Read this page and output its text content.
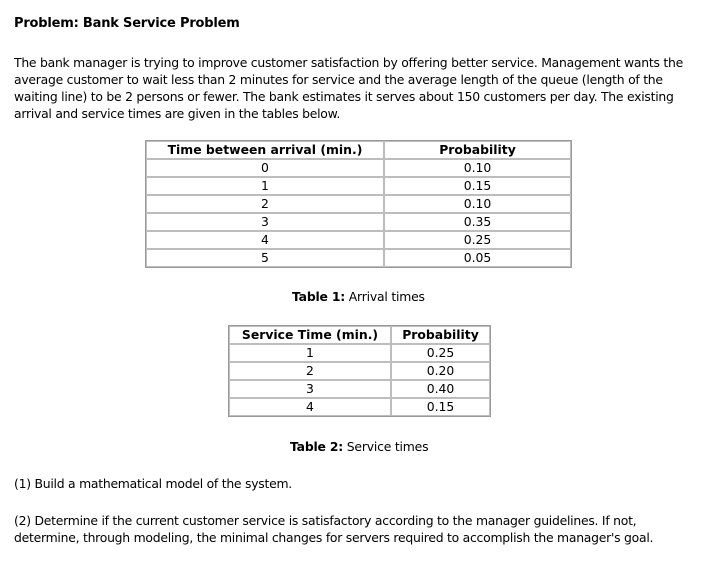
Problem: Bank Service Problem
The bank manager is trying to improve customer satisfaction by offering better service. Management wants the average customer to wait less than 2 minutes for service and the average length of the queue (length of the waiting line) to be 2 persons or fewer. The bank estimates it serves about 150 customers per day. The existing arrival and service times are given in the tables below.
Time between arrival (min.)	Probability
0	0.10
1	0.15
2	0.10
3	0.35
4	0.25
5	0.05
Table 1: Arrival times
Service Time (min.)	Probability
1	0.25
2	0.20
3	0.40
4	0.15
Table 2: Service times
(1) Build a mathematical model of the system.
(2) Determine if the current customer service is satisfactory according to the manager guidelines. If not, determine, through modeling, the minimal changes for servers required to accomplish the manager's goal.
